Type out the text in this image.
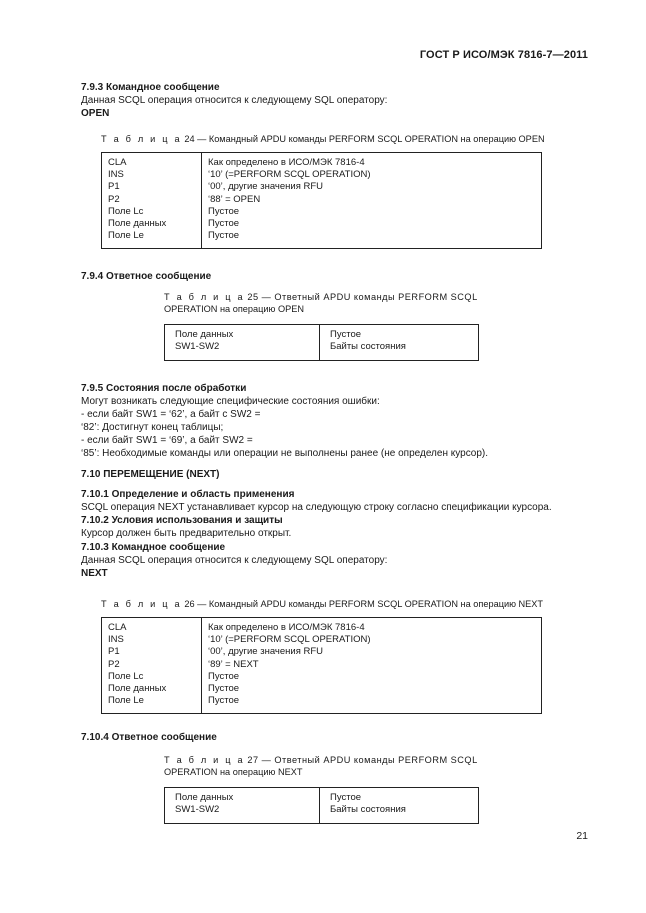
ГОСТ Р ИСО/МЭК 7816-7—2011
7.9.3 Командное сообщение
Данная SCQL операция относится к следующему SQL оператору:
OPEN
Т а б л и ц а 24 — Командный APDU команды PERFORM SCQL OPERATION на операцию OPEN
CLA
INS
P1
P2
Поле Lc
Поле данных
Поле Le
Как определено в ИСО/МЭК 7816-4
‘10’ (=PERFORM SCQL OPERATION)
‘00’, другие значения RFU
‘88’ = OPEN
Пустое
Пустое
Пустое
7.9.4 Ответное сообщение
Т а б л и ц а 25 — Ответный APDU команды PERFORM SCQL
OPERATION на операцию OPEN
Поле данных
SW1-SW2
Пустое
Байты состояния
7.9.5 Состояния после обработки
Могут возникать следующие специфические состояния ошибки:
- если байт SW1 = ‘62’, а байт с SW2 =
‘82’: Достигнут конец таблицы;
- если байт SW1 = ‘69’, а байт SW2 =
‘85’: Необходимые команды или операции не выполнены ранее (не определен курсор).
7.10 ПЕРЕМЕЩЕНИЕ (NEXT)
7.10.1 Определение и область применения
SCQL операция NEXT устанавливает курсор на следующую строку согласно спецификации курсора.
7.10.2 Условия использования и защиты
Курсор должен быть предварительно открыт.
7.10.3 Командное сообщение
Данная SCQL операция относится к следующему SQL оператору:
NEXT
Т а б л и ц а 26 — Командный APDU команды PERFORM SCQL OPERATION на операцию NEXT
CLA
INS
P1
P2
Поле Lc
Поле данных
Поле Le
Как определено в ИСО/МЭК 7816-4
‘10’ (=PERFORM SCQL OPERATION)
‘00’, другие значения RFU
‘89’ = NEXT
Пустое
Пустое
Пустое
7.10.4 Ответное сообщение
Т а б л и ц а 27 — Ответный APDU команды PERFORM SCQL
OPERATION на операцию NEXT
Поле данных
SW1-SW2
Пустое
Байты состояния
21
